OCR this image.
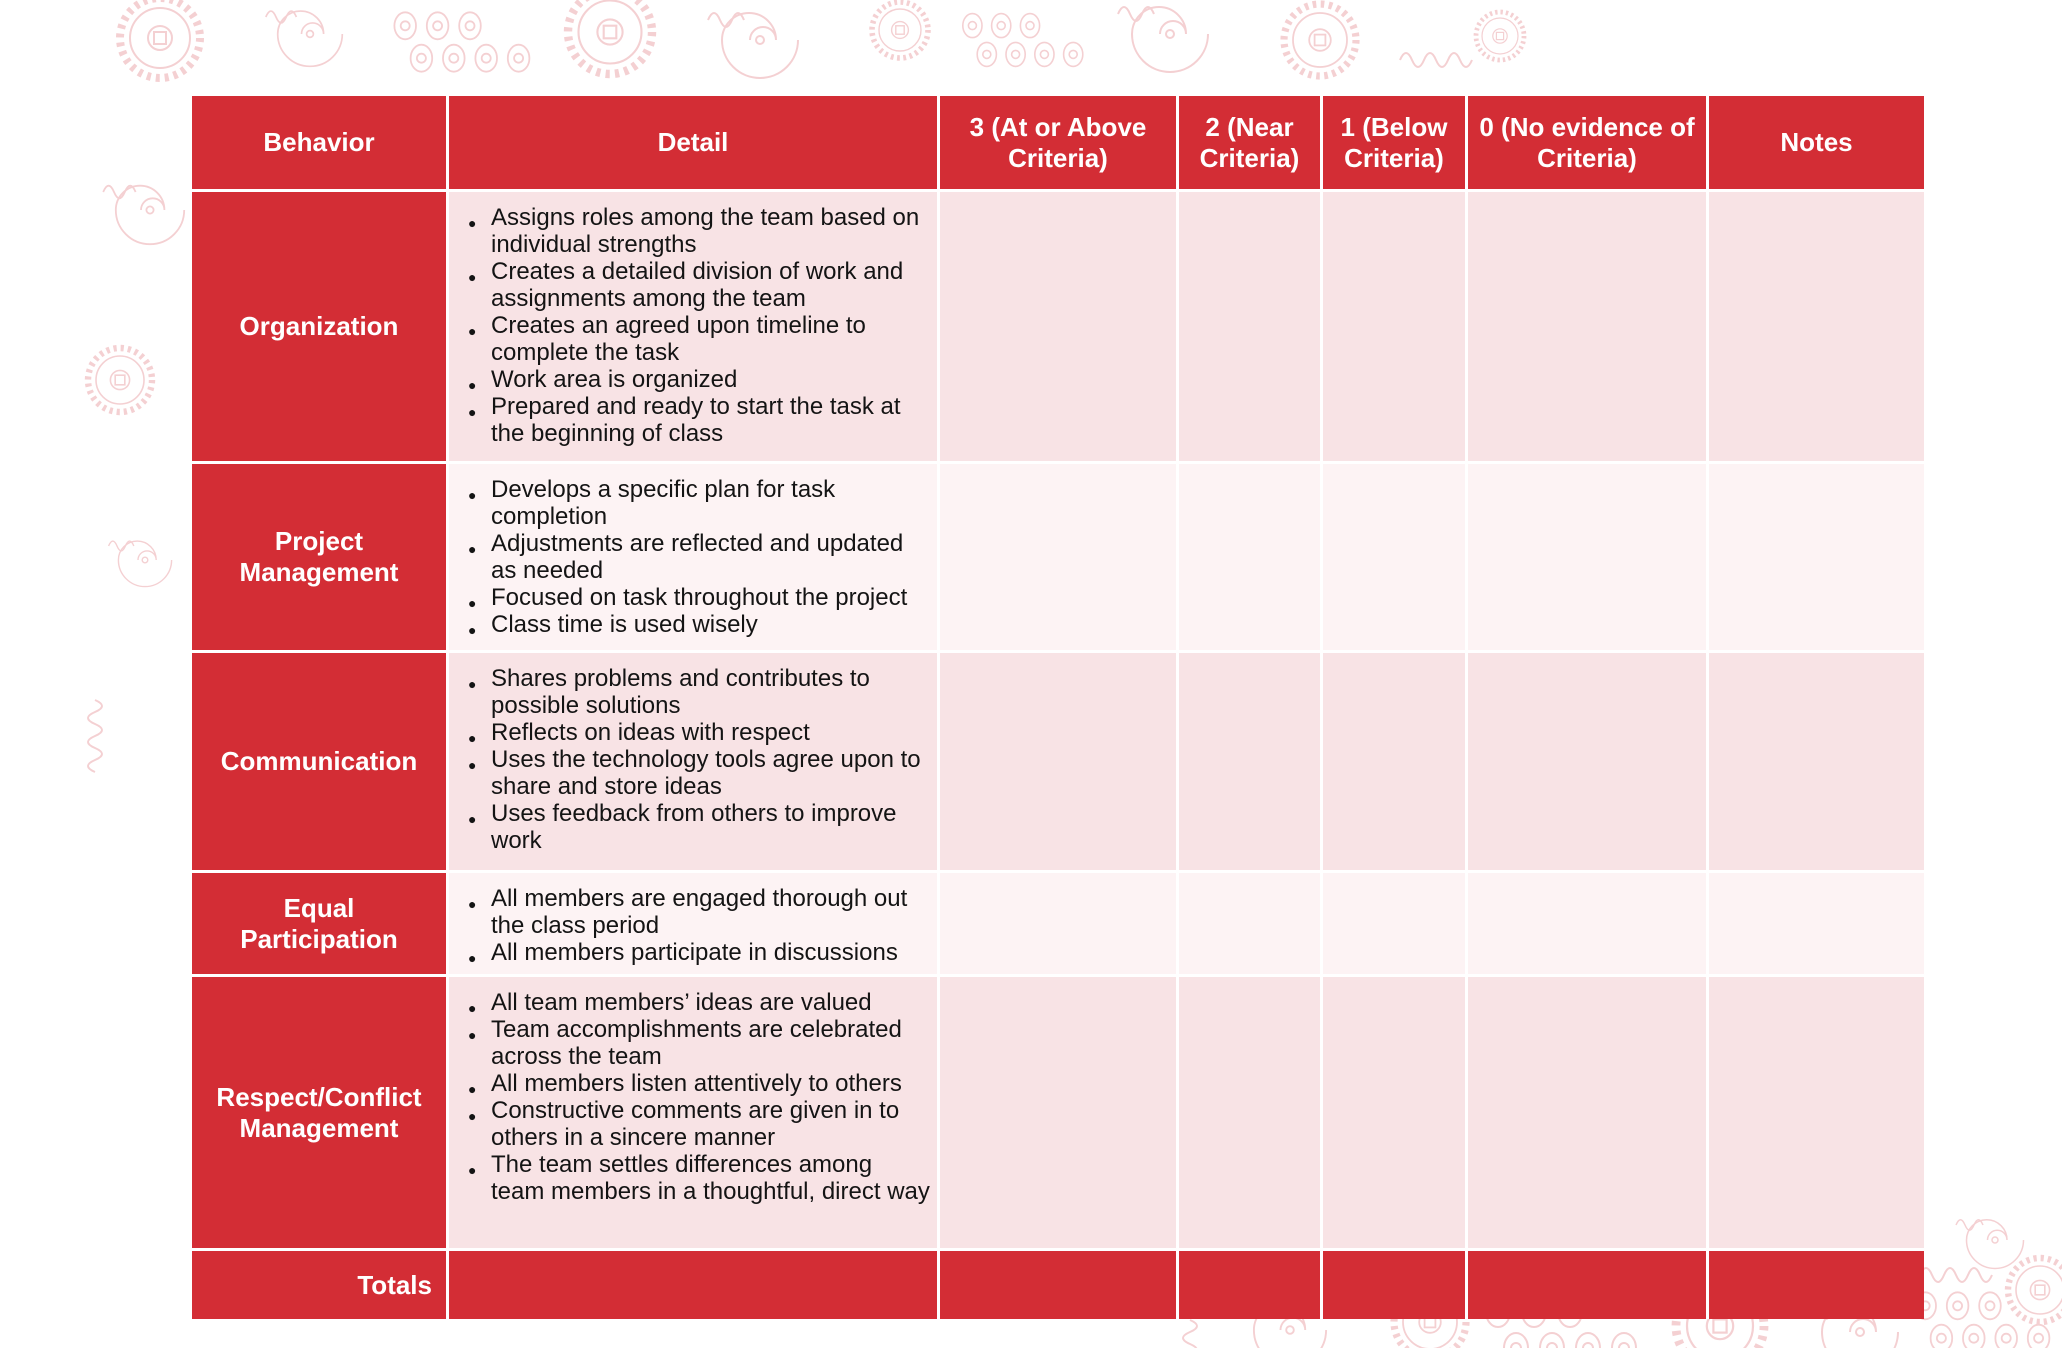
Behavior	Detail
3 (At or Above Criteria)
2 (Near Criteria)
1 (Below Criteria)
0 (No evidence of Criteria)
Notes
Organization
● Assigns roles among the team based on individual strengths
● Creates a detailed division of work and assignments among the team
● Creates an agreed upon timeline to complete the task
● Work area is organized
● Prepared and ready to start the task at the beginning of class
Project Management
● Develops a specific plan for task completion
● Adjustments are reflected and updated as needed
● Focused on task throughout the project
● Class time is used wisely
Communication
● Shares problems and contributes to possible solutions
● Reflects on ideas with respect
● Uses the technology tools agree upon to share and store ideas
● Uses feedback from others to improve work
Equal Participation
● All members are engaged thorough out the class period
● All members participate in discussions
Respect/Conflict Management
● All team members’ ideas are valued
● Team accomplishments are celebrated across the team
● All members listen attentively to others
● Constructive comments are given in to others in a sincere manner
● The team settles differences among team members in a thoughtful, direct way
Totals
